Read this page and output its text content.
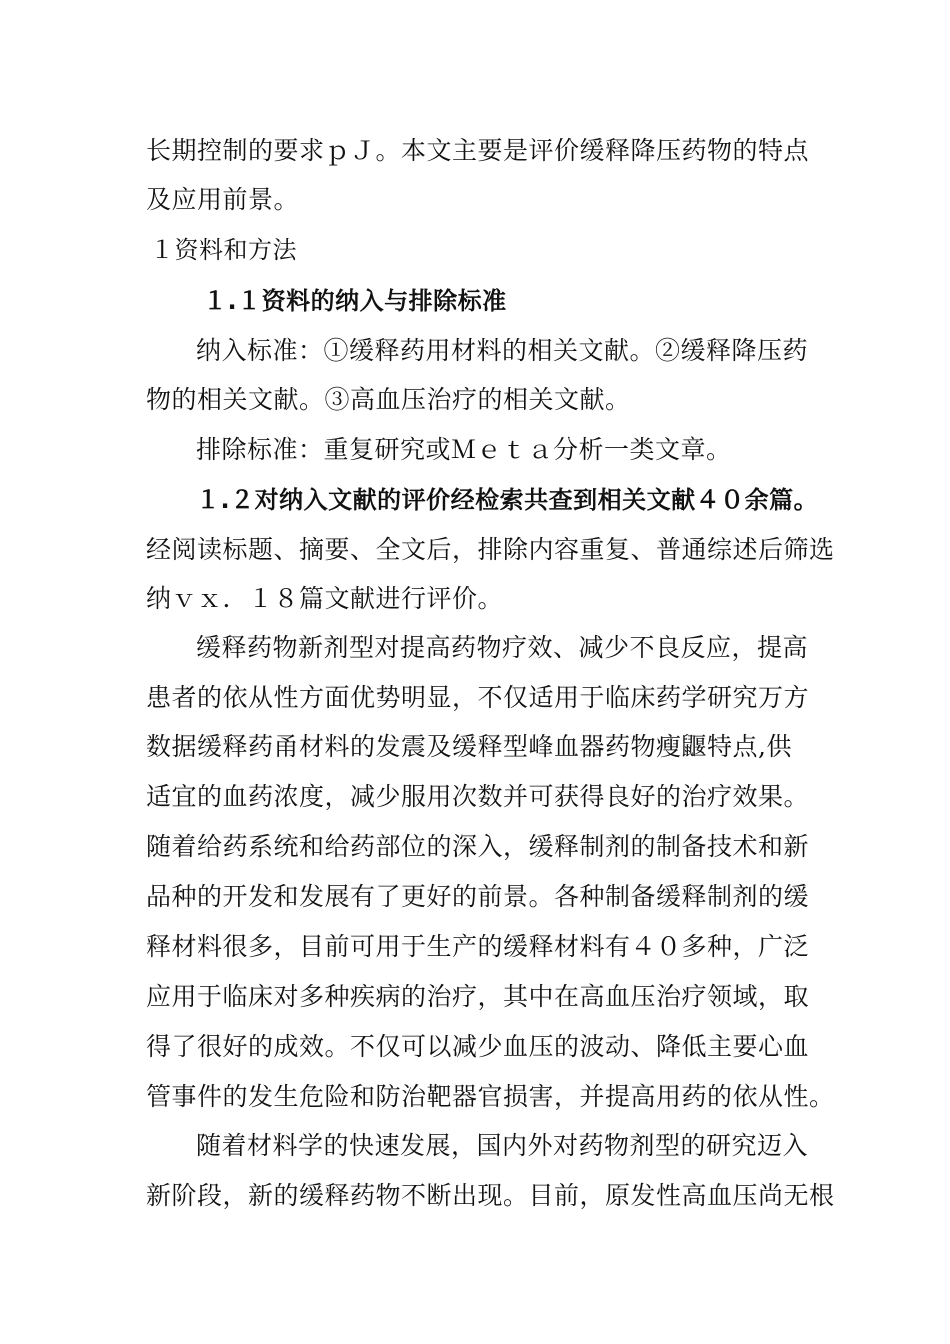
长期控制的要求ｐＪ。本文主要是评价缓释降压药物的特点
及应用前景。
１资料和方法
１.１资料的纳入与排除标准
纳入标准：①缓释药用材料的相关文献。②缓释降压药
物的相关文献。③高血压治疗的相关文献。
排除标准：重复研究或Ｍｅｔａ分析一类文章。
１.２对纳入文献的评价经检索共查到相关文献４０余篇。
经阅读标题、摘要、全文后，排除内容重复、普通综述后筛选
纳ｖｘ．１８篇文献进行评价。
缓释药物新剂型对提高药物疗效、减少不良反应，提高
患者的依从性方面优势明显，不仅适用于临床药学研究万方
数据缓释药甬材料的发震及缓释型峰血器药物瘦鼴特点,供
适宜的血药浓度，减少服用次数并可获得良好的治疗效果。
随着给药系统和给药部位的深入，缓释制剂的制备技术和新
品种的开发和发展有了更好的前景。各种制备缓释制剂的缓
释材料很多，目前可用于生产的缓释材料有４０多种，广泛
应用于临床对多种疾病的治疗，其中在高血压治疗领域，取
得了很好的成效。不仅可以减少血压的波动、降低主要心血
管事件的发生危险和防治靶器官损害，并提高用药的依从性。
随着材料学的快速发展，国内外对药物剂型的研究迈入
新阶段，新的缓释药物不断出现。目前，原发性高血压尚无根
